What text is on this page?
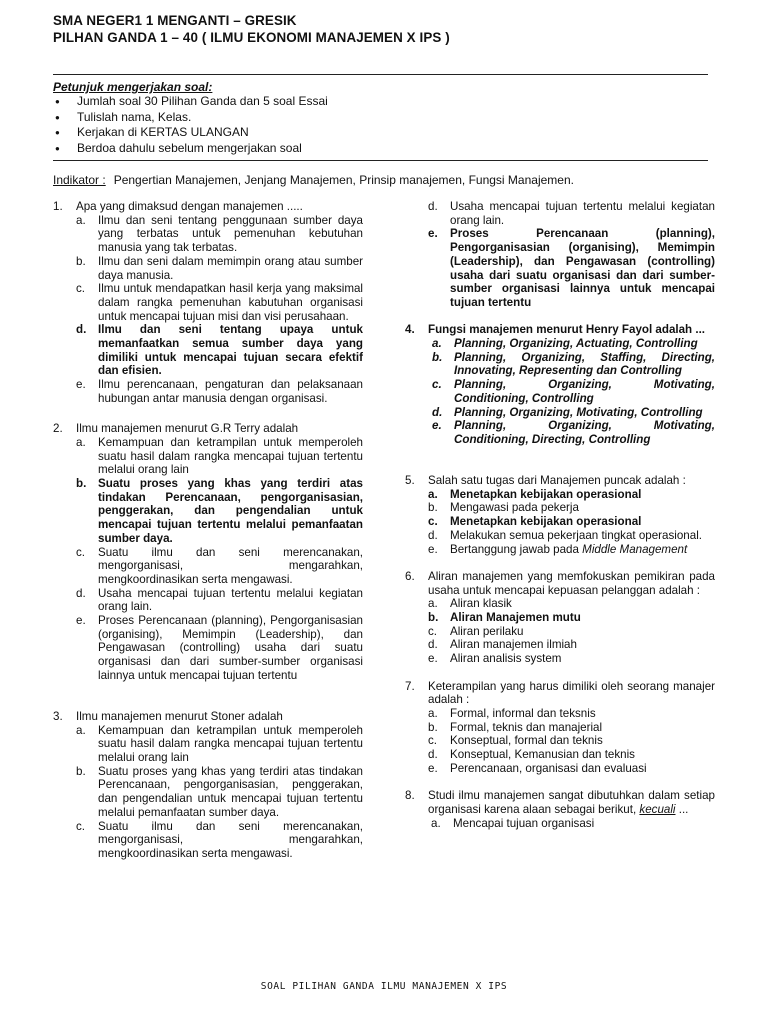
SMA NEGER1 1 MENGANTI – GRESIK
PILHAN GANDA 1 – 40 ( ILMU EKONOMI MANAJEMEN X IPS )
Petunjuk mengerjakan soal:
● Jumlah soal 30 Pilihan Ganda dan 5 soal Essai
● Tulislah nama, Kelas.
● Kerjakan di KERTAS ULANGAN
● Berdoa dahulu sebelum mengerjakan soal
Indikator : Pengertian Manajemen, Jenjang Manajemen, Prinsip manajemen, Fungsi Manajemen.
1. Apa yang dimaksud dengan manajemen .....
a. Ilmu dan seni tentang penggunaan sumber daya yang terbatas untuk pemenuhan kebutuhan manusia yang tak terbatas.
b. Ilmu dan seni dalam memimpin orang atau sumber daya manusia.
c. Ilmu untuk mendapatkan hasil kerja yang maksimal dalam rangka pemenuhan kabutuhan organisasi untuk mencapai tujuan misi dan visi perusahaan.
d. Ilmu dan seni tentang upaya untuk memanfaatkan semua sumber daya yang dimiliki untuk mencapai tujuan secara efektif dan efisien.
e. Ilmu perencanaan, pengaturan dan pelaksanaan hubungan antar manusia dengan organisasi.
2. Ilmu manajemen menurut G.R Terry adalah
a. Kemampuan dan ketrampilan untuk memperoleh suatu hasil dalam rangka mencapai tujuan tertentu melalui orang lain
b. Suatu proses yang khas yang terdiri atas tindakan Perencanaan, pengorganisasian, penggerakan, dan pengendalian untuk mencapai tujuan tertentu melalui pemanfaatan sumber daya.
c. Suatu ilmu dan seni merencanakan, mengorganisasi, mengarahkan, mengkoordinasikan serta mengawasi.
d. Usaha mencapai tujuan tertentu melalui kegiatan orang lain.
e. Proses Perencanaan (planning), Pengorganisasian (organising), Memimpin (Leadership), dan Pengawasan (controlling) usaha dari suatu organisasi dan dari sumber-sumber organisasi lainnya untuk mencapai tujuan tertentu
3. Ilmu manajemen menurut Stoner adalah
a. Kemampuan dan ketrampilan untuk memperoleh suatu hasil dalam rangka mencapai tujuan tertentu melalui orang lain
b. Suatu proses yang khas yang terdiri atas tindakan Perencanaan, pengorganisasian, penggerakan, dan pengendalian untuk mencapai tujuan tertentu melalui pemanfaatan sumber daya.
c. Suatu ilmu dan seni merencanakan, mengorganisasi, mengarahkan, mengkoordinasikan serta mengawasi.
d. Usaha mencapai tujuan tertentu melalui kegiatan orang lain.
e. Proses Perencanaan (planning), Pengorganisasian (organising), Memimpin (Leadership), dan Pengawasan (controlling) usaha dari suatu organisasi dan dari sumber-sumber organisasi lainnya untuk mencapai tujuan tertentu
4. Fungsi manajemen menurut Henry Fayol adalah ...
a. Planning, Organizing, Actuating, Controlling
b. Planning, Organizing, Staffing, Directing, Innovating, Representing dan Controlling
c. Planning, Organizing, Motivating, Conditioning, Controlling
d. Planning, Organizing, Motivating, Controlling
e. Planning, Organizing, Motivating, Conditioning, Directing, Controlling
5. Salah satu tugas dari Manajemen puncak adalah :
a. Menetapkan kebijakan operasional
b. Mengawasi pada pekerja
c. Menetapkan kebijakan operasional
d. Melakukan semua pekerjaan tingkat operasional.
e. Bertanggung jawab pada Middle Management
6. Aliran manajemen yang memfokuskan pemikiran pada usaha untuk mencapai kepuasan pelanggan adalah :
a. Aliran klasik
b. Aliran Manajemen mutu
c. Aliran perilaku
d. Aliran manajemen ilmiah
e. Aliran analisis system
7. Keterampilan yang harus dimiliki oleh seorang manajer adalah :
a. Formal, informal dan teksnis
b. Formal, teknis dan manajerial
c. Konseptual, formal dan teknis
d. Konseptual, Kemanusian dan teknis
e. Perencanaan, organisasi dan evaluasi
8. Studi ilmu manajemen sangat dibutuhkan dalam setiap organisasi karena alaan sebagai berikut, kecuali ...
a. Mencapai tujuan organisasi
SOAL PILIHAN GANDA ILMU MANAJEMEN X IPS
